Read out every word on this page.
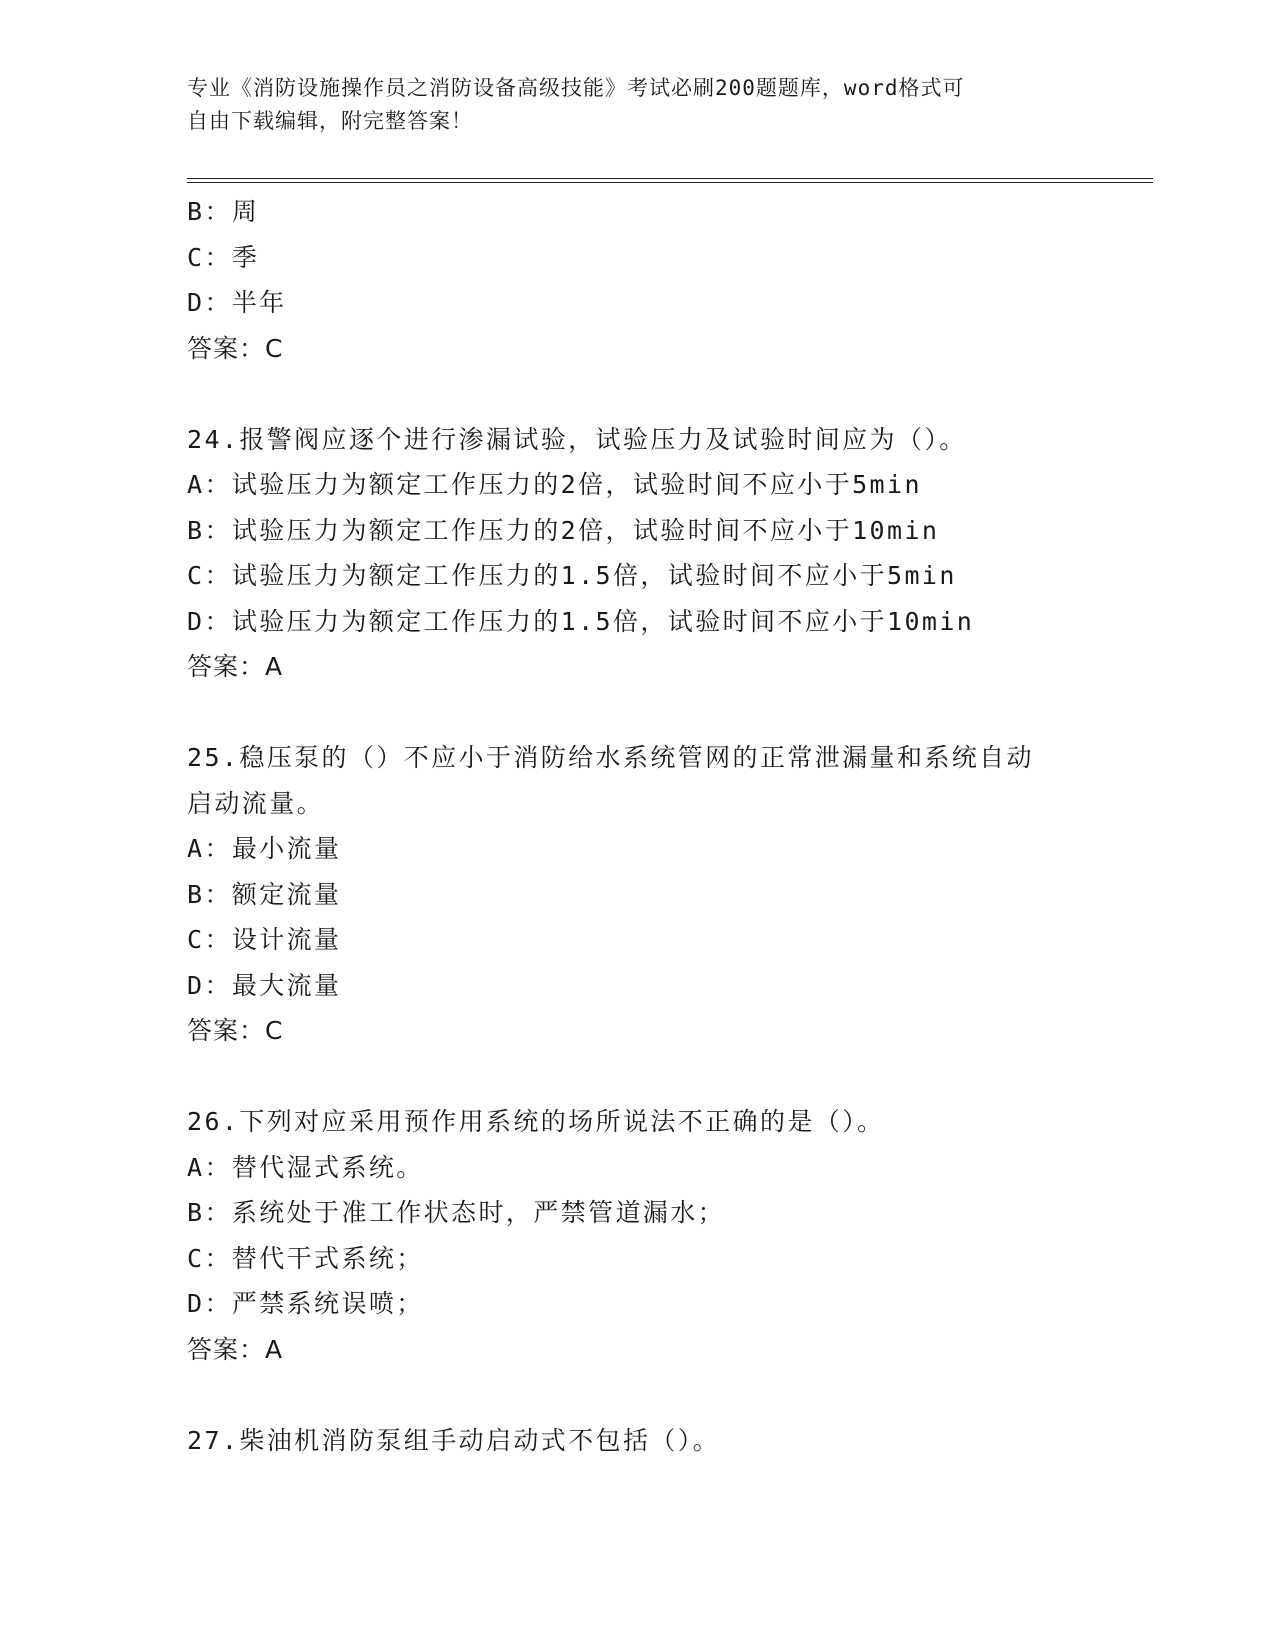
专业《消防设施操作员之消防设备高级技能》考试必刷200题题库，word格式可
自由下载编辑，附完整答案！
B：周
C：季
D：半年
答案：C
24.报警阀应逐个进行渗漏试验，试验压力及试验时间应为（）。
A：试验压力为额定工作压力的2倍，试验时间不应小于5min
B：试验压力为额定工作压力的2倍，试验时间不应小于10min
C：试验压力为额定工作压力的1.5倍，试验时间不应小于5min
D：试验压力为额定工作压力的1.5倍，试验时间不应小于10min
答案：A
25.稳压泵的（）不应小于消防给水系统管网的正常泄漏量和系统自动
启动流量。
A：最小流量
B：额定流量
C：设计流量
D：最大流量
答案：C
26.下列对应采用预作用系统的场所说法不正确的是（）。
A：替代湿式系统。
B：系统处于准工作状态时，严禁管道漏水；
C：替代干式系统；
D：严禁系统误喷；
答案：A
27.柴油机消防泵组手动启动式不包括（）。
